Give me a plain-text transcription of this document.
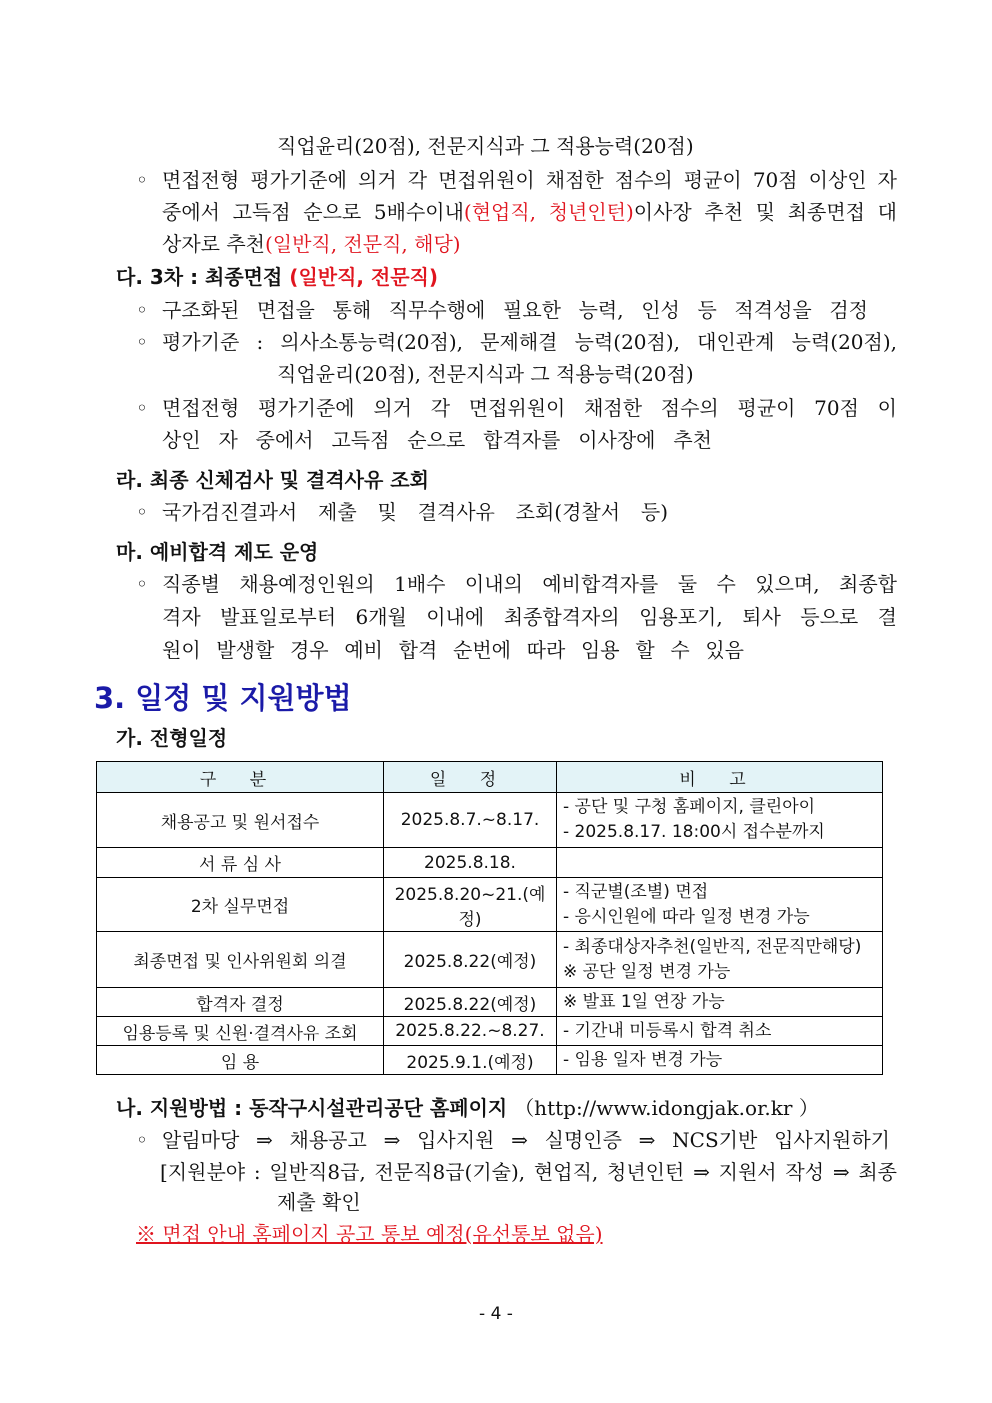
직업윤리(20점), 전문지식과 그 적용능력(20점)
◦ 면접전형 평가기준에 의거 각 면접위원이 채점한 점수의 평균이 70점 이상인 자
중에서 고득점 순으로 5배수이내(현업직, 청년인턴)이사장 추천 및 최종면접 대
상자로 추천(일반직, 전문직, 해당)
다. 3차 : 최종면접 (일반직, 전문직)
◦ 구조화된 면접을 통해 직무수행에 필요한 능력, 인성 등 적격성을 검정
◦ 평가기준 : 의사소통능력(20점), 문제해결 능력(20점), 대인관계 능력(20점),
직업윤리(20점), 전문지식과 그 적용능력(20점)
◦ 면접전형 평가기준에 의거 각 면접위원이 채점한 점수의 평균이 70점 이
상인 자 중에서 고득점 순으로 합격자를 이사장에 추천
라. 최종 신체검사 및 결격사유 조회
◦ 국가검진결과서 제출 및 결격사유 조회(경찰서 등)
마. 예비합격 제도 운영
◦ 직종별 채용예정인원의 1배수 이내의 예비합격자를 둘 수 있으며, 최종합
격자 발표일로부터 6개월 이내에 최종합격자의 임용포기, 퇴사 등으로 결
원이 발생할 경우 예비 합격 순번에 따라 임용 할 수 있음
3. 일정 및 지원방법
가. 전형일정
구 분	일 정	비 고
채용공고 및 원서접수	2025.8.7.~8.17.	- 공단 및 구청 홈페이지, 클린아이
- 2025.8.17. 18:00시 접수분까지

서 류 심 사	2025.8.18.	
2차 실무면접	2025.8.20~21.(예정)	- 직군별(조별) 면접
- 응시인원에 따라 일정 변경 가능

최종면접 및 인사위원회 의결	2025.8.22(예정)	- 최종대상자추천(일반직, 전문직만해당)
※ 공단 일정 변경 가능

합격자 결정	2025.8.22(예정)	※ 발표 1일 연장 가능
임용등록 및 신원·결격사유 조회	2025.8.22.~8.27.	- 기간내 미등록시 합격 취소
임 용	2025.9.1.(예정)	- 임용 일자 변경 가능
나. 지원방법 : 동작구시설관리공단 홈페이지 （http://www.idongjak.or.kr ）
◦ 알림마당 ⇒ 채용공고 ⇒ 입사지원 ⇒ 실명인증 ⇒ NCS기반 입사지원하기
[지원분야 : 일반직8급, 전문직8급(기술), 현업직, 청년인턴 ⇒ 지원서 작성 ⇒ 최종
제출 확인
※ 면접 안내 홈페이지 공고 통보 예정(유선통보 없음)
- 4 -
